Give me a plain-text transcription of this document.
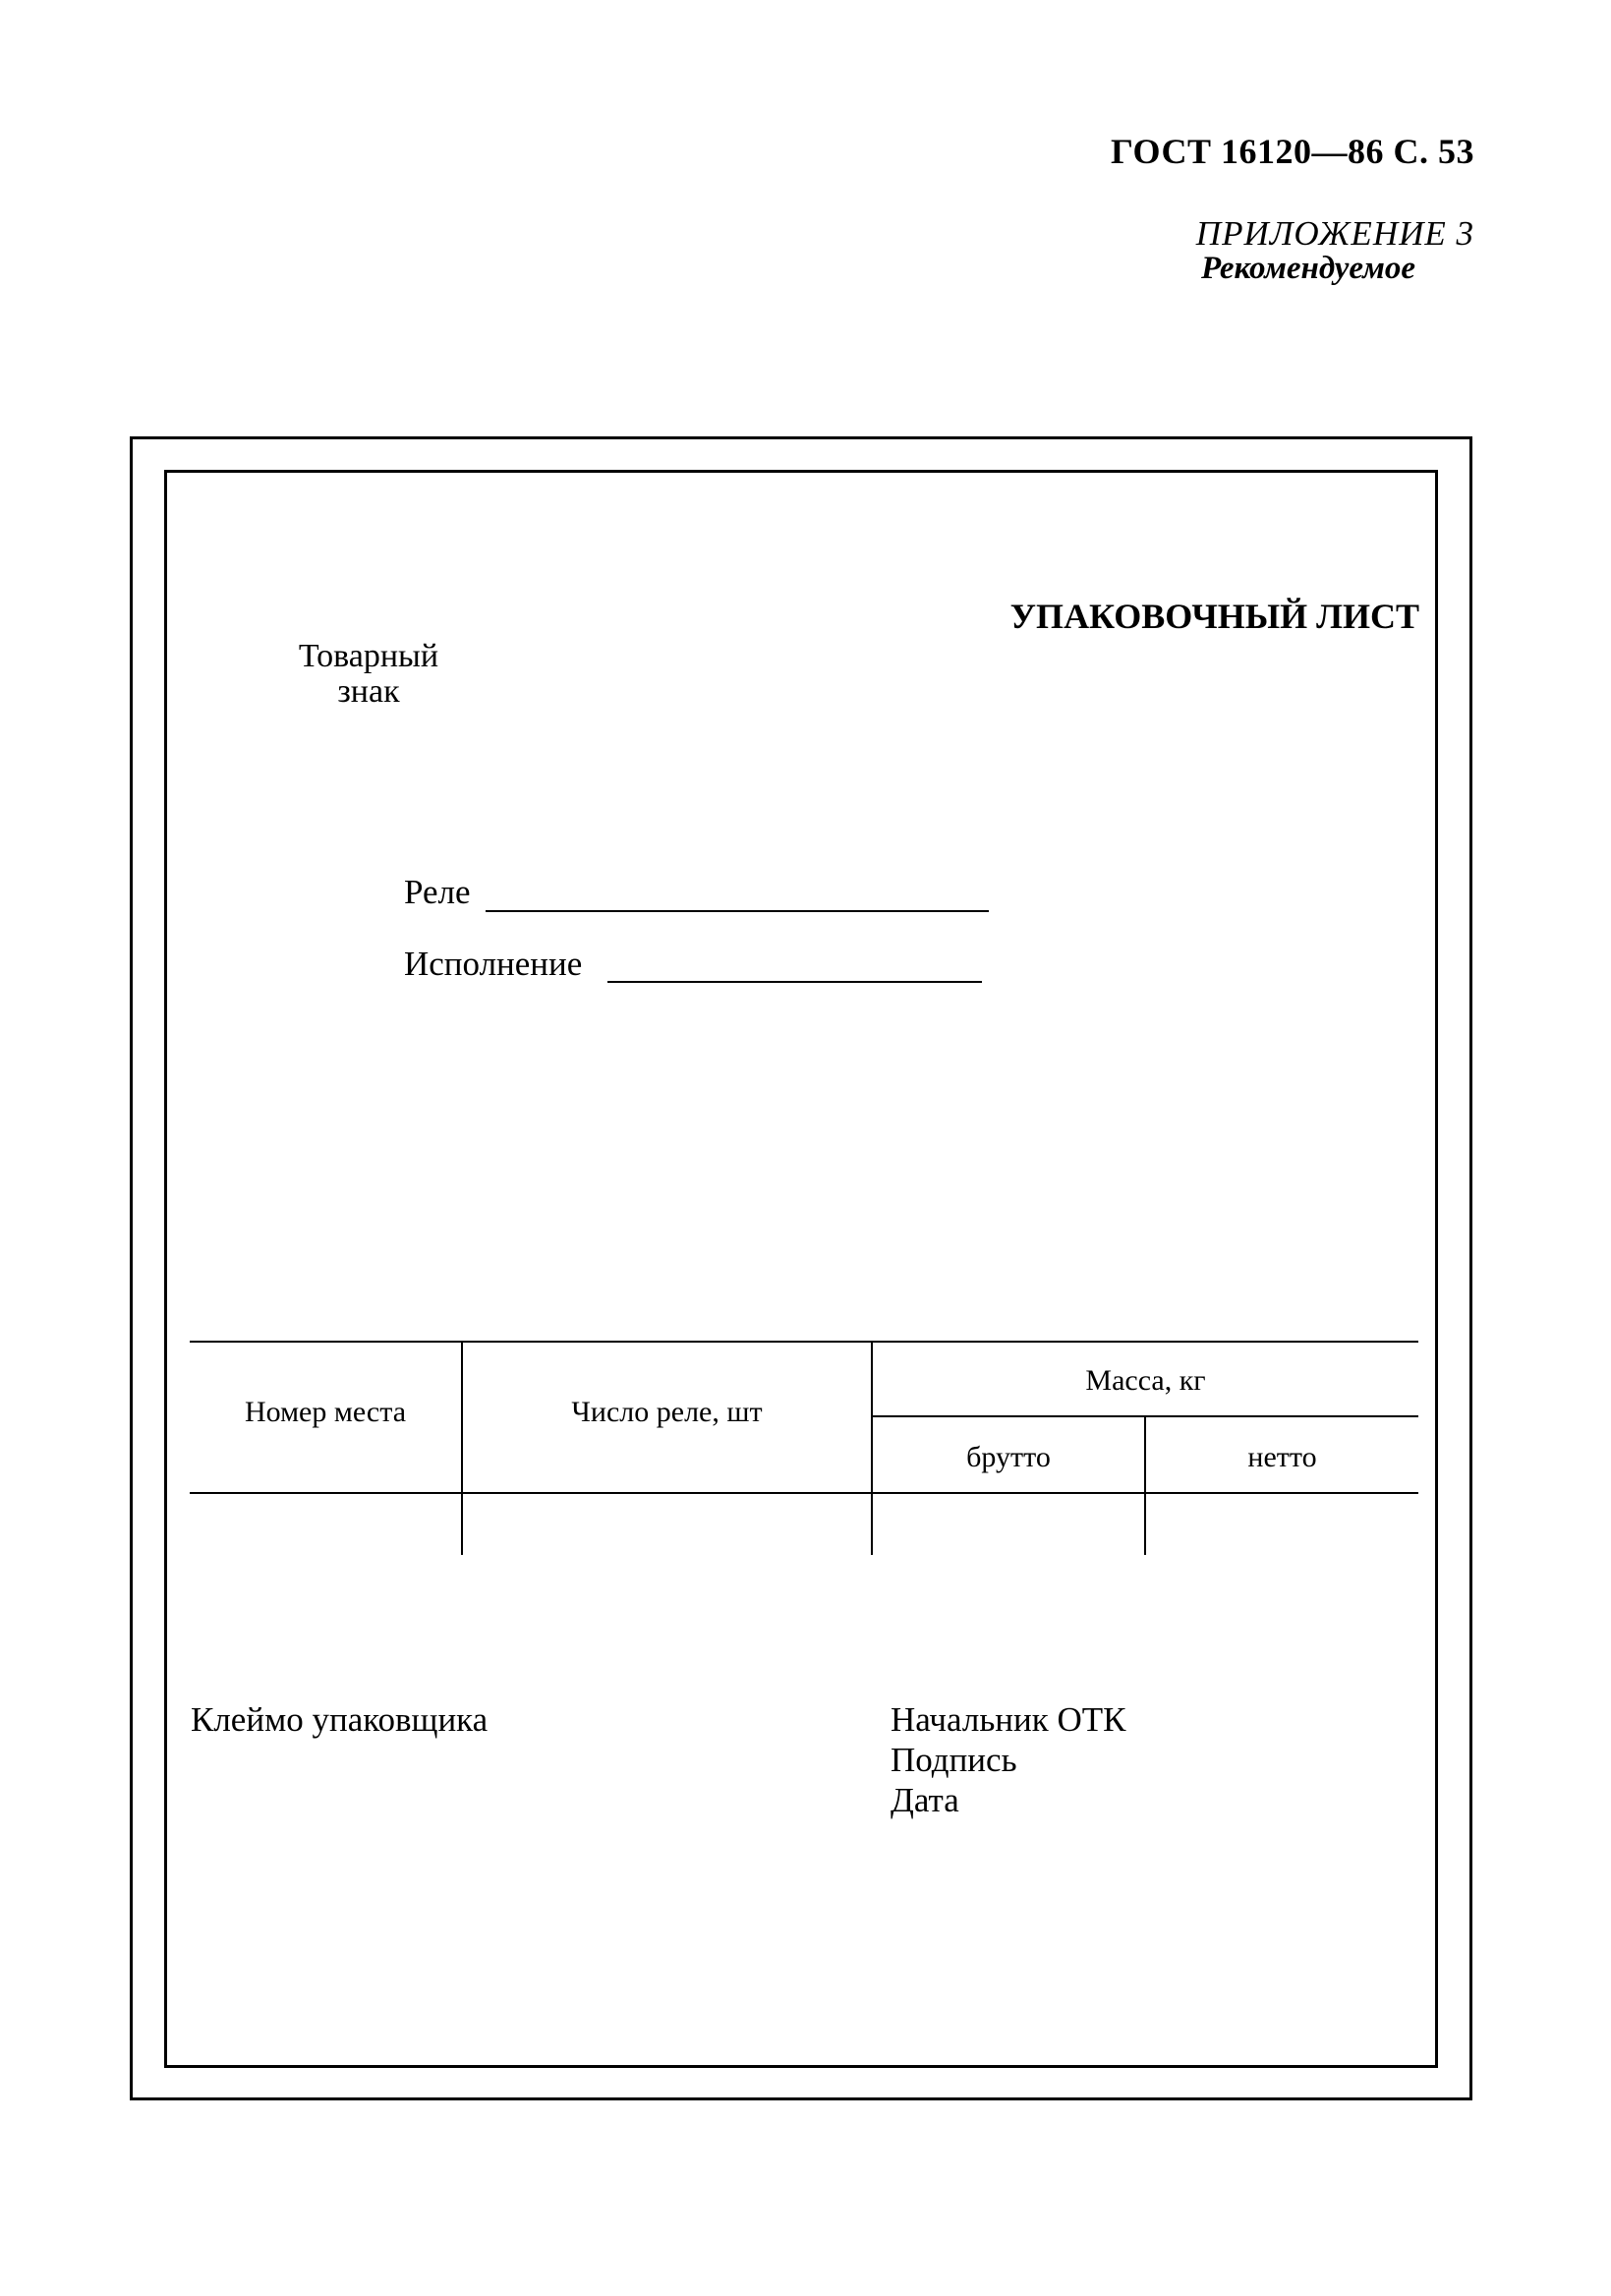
ГОСТ 16120—86 С. 53
ПРИЛОЖЕНИЕ 3
Рекомендуемое
УПАКОВОЧНЫЙ ЛИСТ
Товарный
знак
Реле
Исполнение
Номер места	Число реле, шт
Масса, кг
брутто	нетто
Клеймо упаковщика	Начальник ОТК
Подпись
Дата
